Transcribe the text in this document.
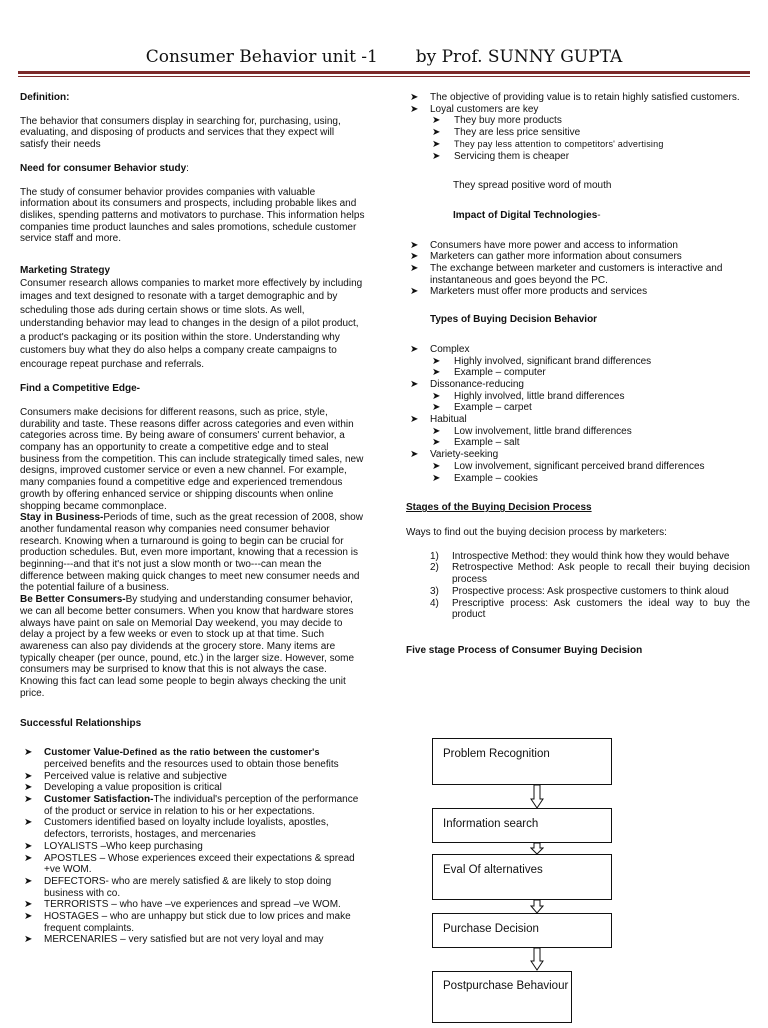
Consumer Behavior unit -1       by Prof. SUNNY GUPTA

Definition:

The behavior that consumers display in searching for, purchasing, using, evaluating, and disposing of products and services that they expect will satisfy their needs

Need for consumer Behavior study:

The study of consumer behavior provides companies with valuable information about its consumers and prospects, including probable likes and dislikes, spending patterns and motivators to purchase. This information helps companies time product launches and sales promotions, schedule customer service staff and more.

Marketing Strategy

Consumer research allows companies to market more effectively by including images and text designed to resonate with a target demographic and by scheduling those ads during certain shows or time slots. As well, understanding behavior may lead to changes in the design of a pilot product, a product's packaging or its position within the store. Understanding why customers buy what they do also helps a company create campaigns to encourage repeat purchase and referrals.

Find a Competitive Edge-

Consumers make decisions for different reasons, such as price, style, durability and taste. These reasons differ across categories and even within categories across time. By being aware of consumers' current behavior, a company has an opportunity to create a competitive edge and to steal business from the competition. This can include strategically timed sales, new designs, improved customer service or even a new channel. For example, many companies found a competitive edge and experienced tremendous growth by offering enhanced service or shipping discounts when online shopping became commonplace.

Stay in Business-Periods of time, such as the great recession of 2008, show another fundamental reason why companies need consumer behavior research. Knowing when a turnaround is going to begin can be crucial for production schedules. But, even more important, knowing that a recession is beginning---and that it's not just a slow month or two---can mean the difference between making quick changes to meet new consumer needs and the potential failure of a business.

Be Better Consumers-By studying and understanding consumer behavior, we can all become better consumers. When you know that hardware stores always have paint on sale on Memorial Day weekend, you may decide to delay a project by a few weeks or even to stock up at that time. Such awareness can also pay dividends at the grocery store. Many items are typically cheaper (per ounce, pound, etc.) in the larger size. However, some consumers may be surprised to know that this is not always the case. Knowing this fact can lead some people to begin always checking the unit price.

Successful Relationships

➤ Customer Value-Defined as the ratio between the customer's perceived benefits and the resources used to obtain those benefits
➤ Perceived value is relative and subjective
➤ Developing a value proposition is critical
➤ Customer Satisfaction-The individual's perception of the performance of the product or service in relation to his or her expectations.
➤ Customers identified based on loyalty include loyalists, apostles, defectors, terrorists, hostages, and mercenaries
➤ LOYALISTS –Who keep purchasing
➤ APOSTLES – Whose experiences exceed their expectations & spread +ve WOM.
➤ DEFECTORS- who are merely satisfied & are likely to stop doing business with co.
➤ TERRORISTS – who have –ve experiences and spread –ve WOM.
➤ HOSTAGES – who are unhappy but stick due to low prices and make frequent complaints.
➤ MERCENARIES – very satisfied but are not very loyal and may
➤ The objective of providing value is to retain highly satisfied customers.
➤ Loyal customers are key
➤ They buy more products
➤ They are less price sensitive
➤ They pay less attention to competitors' advertising
➤ Servicing them is cheaper

They spread positive word of mouth

Impact of Digital Technologies-

➤ Consumers have more power and access to information
➤ Marketers can gather more information about consumers
➤ The exchange between marketer and customers is interactive and instantaneous and goes beyond the PC.
➤ Marketers must offer more products and services

Types of Buying Decision Behavior

➤ Complex
➤ Highly involved, significant brand differences
➤ Example – computer
➤ Dissonance-reducing
➤ Highly involved, little brand differences
➤ Example – carpet
➤ Habitual
➤ Low involvement, little brand differences
➤ Example – salt
➤ Variety-seeking
➤ Low involvement, significant perceived brand differences
➤ Example – cookies

Stages of the Buying Decision Process

Ways to find out the buying decision process by marketers:

1) Introspective Method: they would think how they would behave
2) Retrospective Method: Ask people to recall their buying decision process
3) Prospective process: Ask prospective customers to think aloud
4) Prescriptive process: Ask customers the ideal way to buy the product

Five stage Process of Consumer Buying Decision

Problem Recognition
Information search
Eval Of alternatives
Purchase Decision
Postpurchase Behaviour
